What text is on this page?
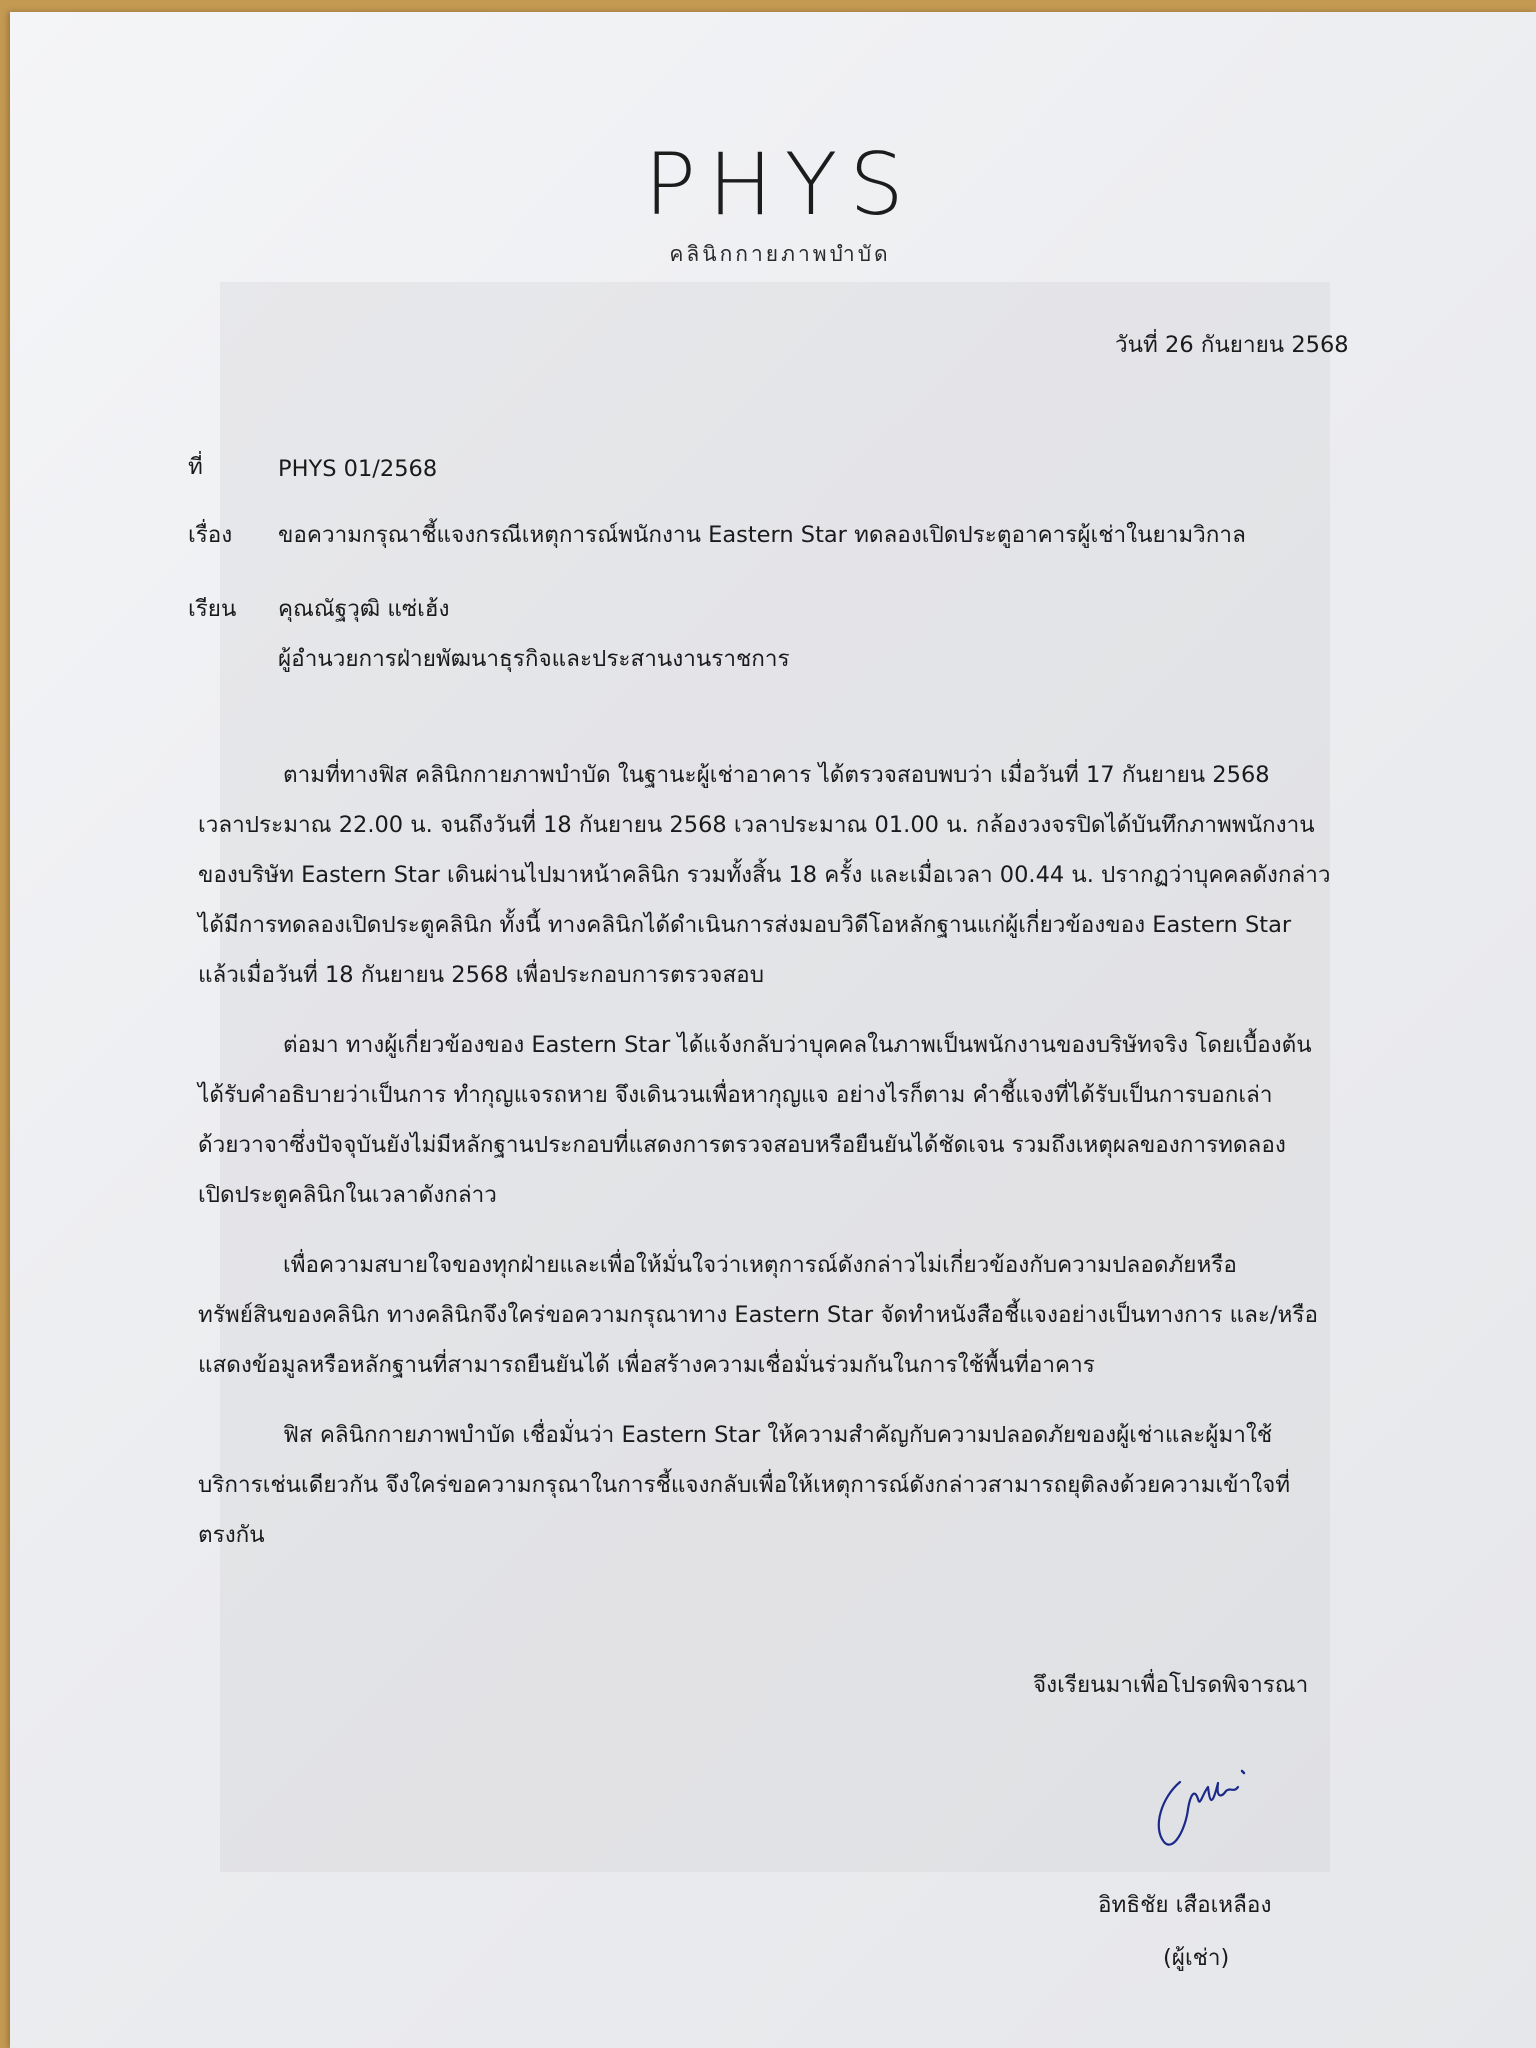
PHYS
คลินิกกายภาพบำบัด
วันที่ 26 กันยายน 2568
ที่	PHYS 01/2568
เรื่อง ขอความกรุณาชี้แจงกรณีเหตุการณ์พนักงาน Eastern Star ทดลองเปิดประตูอาคารผู้เช่าในยามวิกาล
เรียน คุณณัฐวุฒิ แซ่เฮ้ง
ผู้อำนวยการฝ่ายพัฒนาธุรกิจและประสานงานราชการ
ตามที่ทางฟิส คลินิกกายภาพบำบัด ในฐานะผู้เช่าอาคาร ได้ตรวจสอบพบว่า เมื่อวันที่ 17 กันยายน 2568
เวลาประมาณ 22.00 น. จนถึงวันที่ 18 กันยายน 2568 เวลาประมาณ 01.00 น. กล้องวงจรปิดได้บันทึกภาพพนักงาน
ของบริษัท Eastern Star เดินผ่านไปมาหน้าคลินิก รวมทั้งสิ้น 18 ครั้ง และเมื่อเวลา 00.44 น. ปรากฏว่าบุคคลดังกล่าว
ได้มีการทดลองเปิดประตูคลินิก ทั้งนี้ ทางคลินิกได้ดำเนินการส่งมอบวิดีโอหลักฐานแก่ผู้เกี่ยวข้องของ Eastern Star
แล้วเมื่อวันที่ 18 กันยายน 2568 เพื่อประกอบการตรวจสอบ
ต่อมา ทางผู้เกี่ยวข้องของ Eastern Star ได้แจ้งกลับว่าบุคคลในภาพเป็นพนักงานของบริษัทจริง โดยเบื้องต้น
ได้รับคำอธิบายว่าเป็นการ ทำกุญแจรถหาย จึงเดินวนเพื่อหากุญแจ อย่างไรก็ตาม คำชี้แจงที่ได้รับเป็นการบอกเล่า
ด้วยวาจาซึ่งปัจจุบันยังไม่มีหลักฐานประกอบที่แสดงการตรวจสอบหรือยืนยันได้ชัดเจน รวมถึงเหตุผลของการทดลอง
เปิดประตูคลินิกในเวลาดังกล่าว
เพื่อความสบายใจของทุกฝ่ายและเพื่อให้มั่นใจว่าเหตุการณ์ดังกล่าวไม่เกี่ยวข้องกับความปลอดภัยหรือ
ทรัพย์สินของคลินิก ทางคลินิกจึงใคร่ขอความกรุณาทาง Eastern Star จัดทำหนังสือชี้แจงอย่างเป็นทางการ และ/หรือ
แสดงข้อมูลหรือหลักฐานที่สามารถยืนยันได้ เพื่อสร้างความเชื่อมั่นร่วมกันในการใช้พื้นที่อาคาร
ฟิส คลินิกกายภาพบำบัด เชื่อมั่นว่า Eastern Star ให้ความสำคัญกับความปลอดภัยของผู้เช่าและผู้มาใช้
บริการเช่นเดียวกัน จึงใคร่ขอความกรุณาในการชี้แจงกลับเพื่อให้เหตุการณ์ดังกล่าวสามารถยุติลงด้วยความเข้าใจที่
ตรงกัน
จึงเรียนมาเพื่อโปรดพิจารณา
อิทธิชัย เสือเหลือง
(ผู้เช่า)
